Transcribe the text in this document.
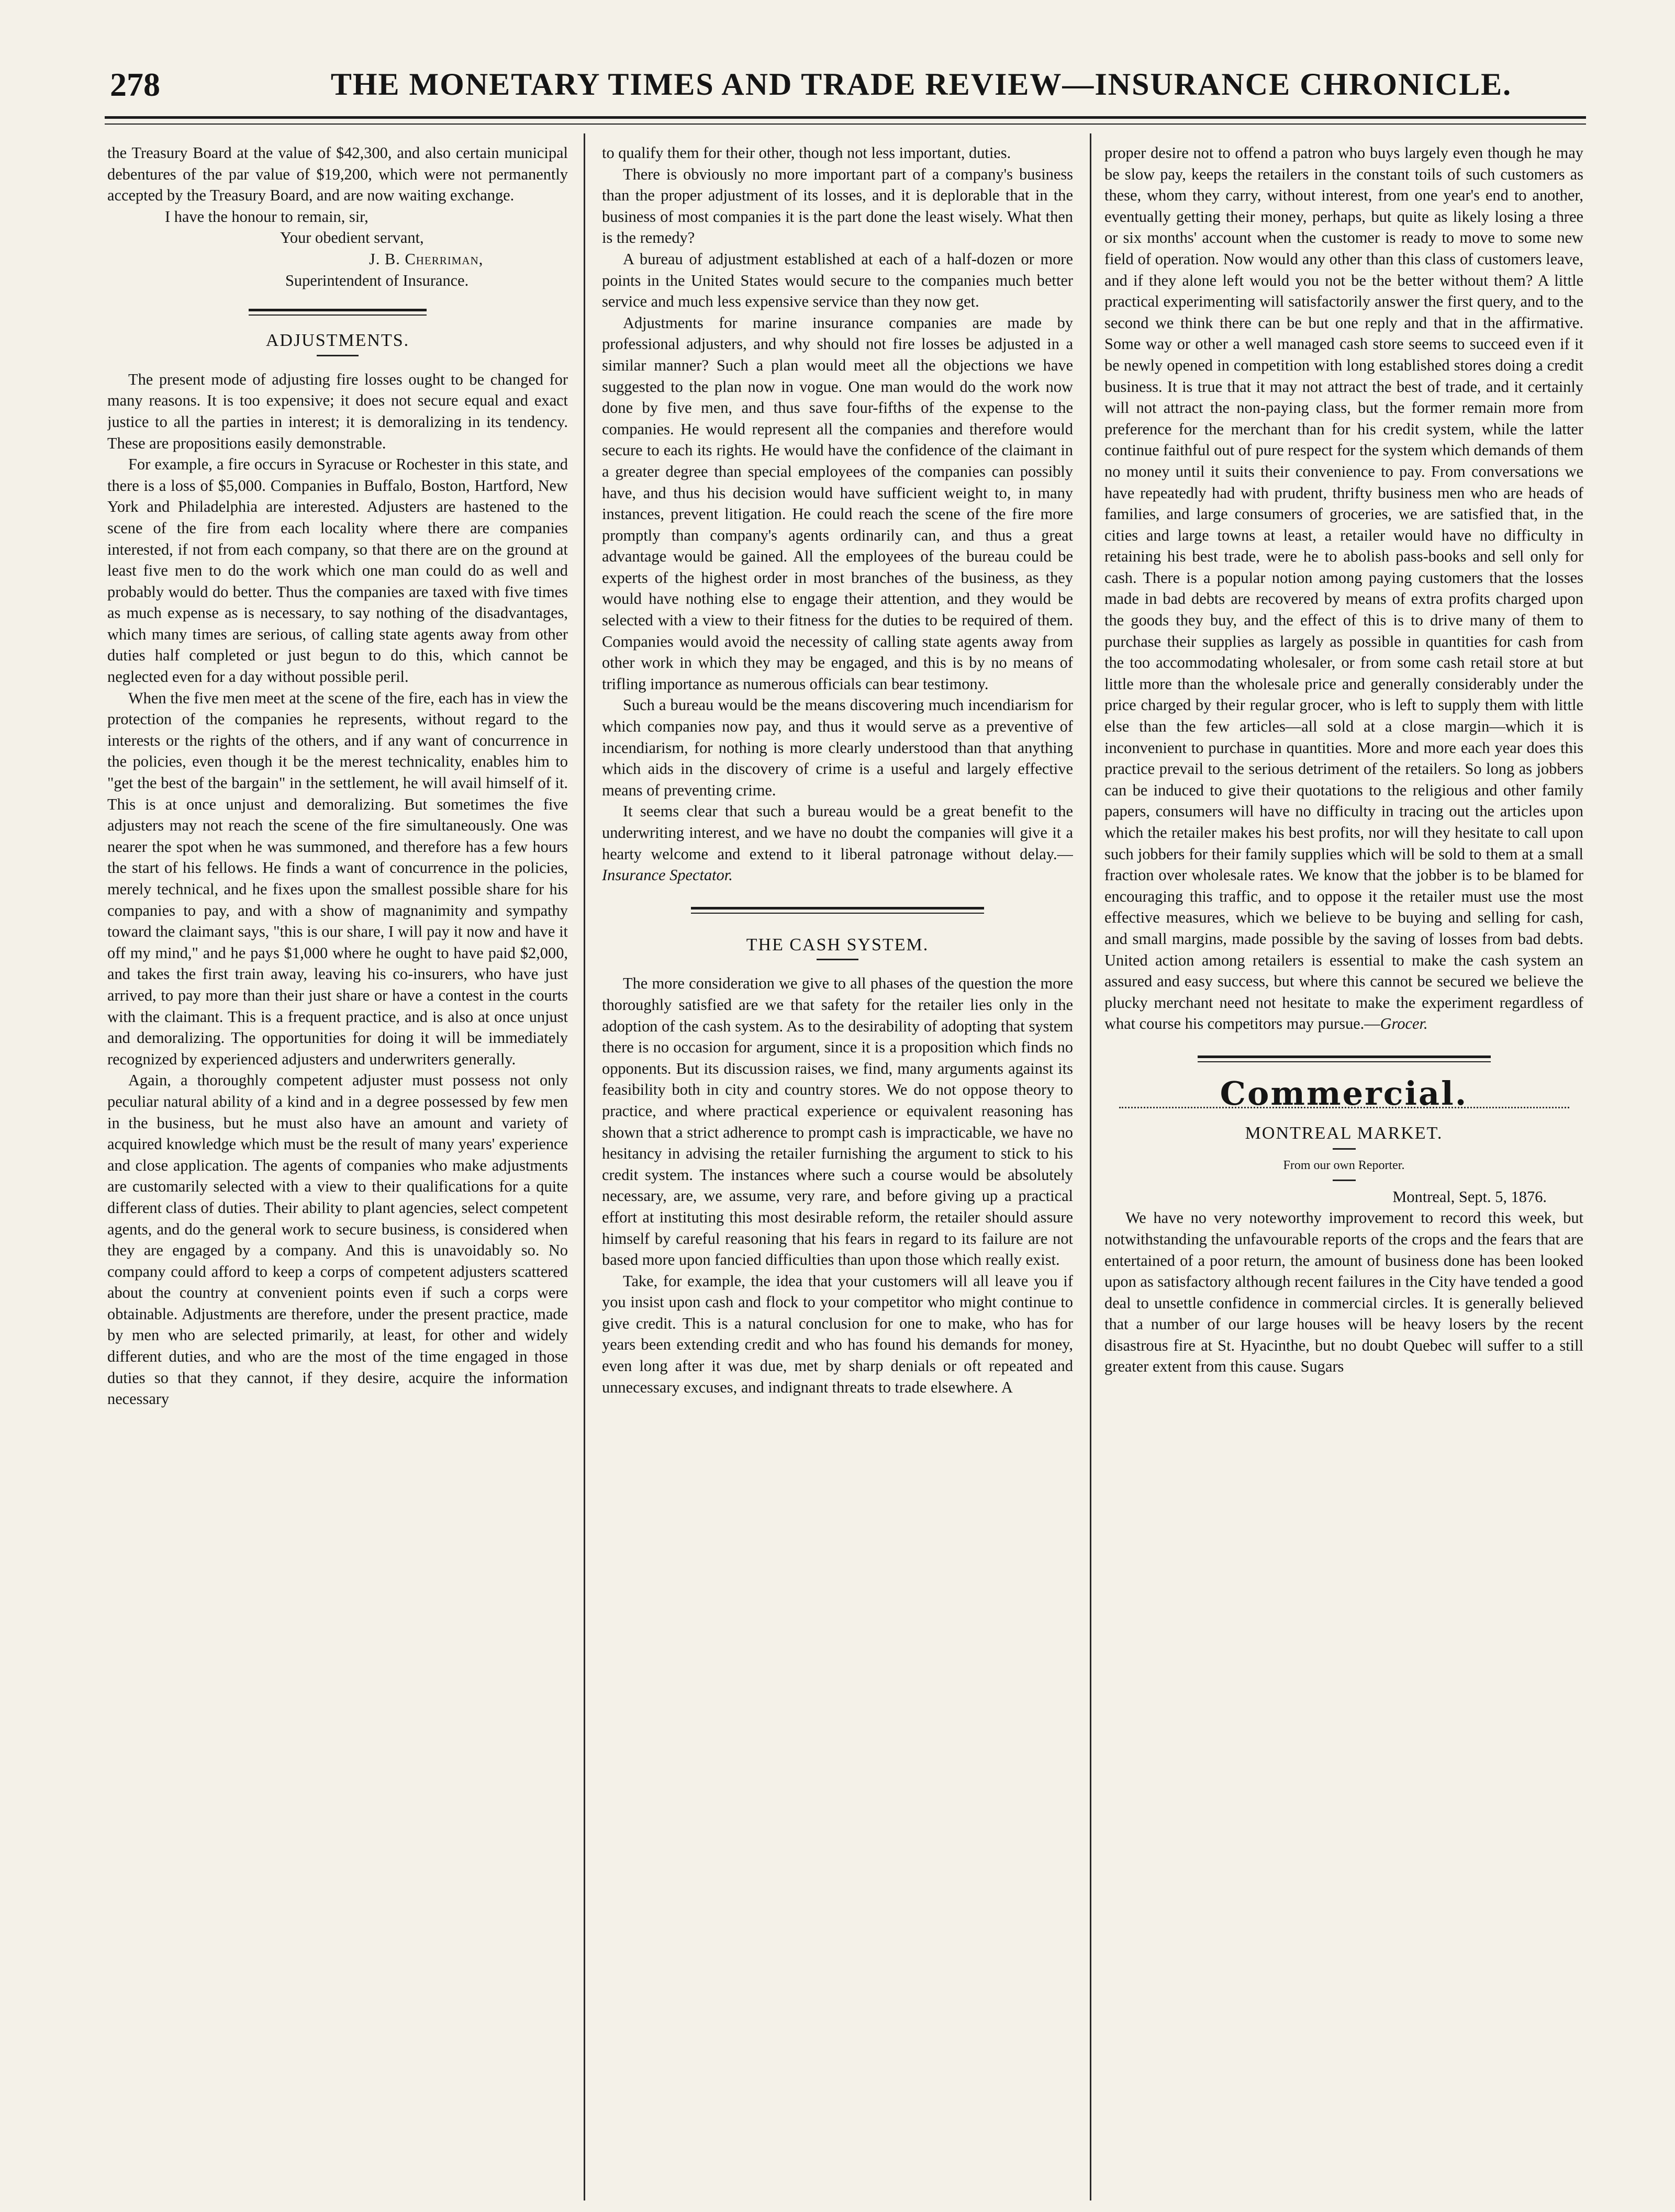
278	THE MONETARY TIMES AND TRADE REVIEW—INSURANCE CHRONICLE.

the Treasury Board at the value of $42,300, and also certain municipal debentures of the par value of $19,200, which were not permanently accepted by the Treasury Board, and are now waiting exchange.

I have the honour to remain, sir,

Your obedient servant,

J. B. Cherriman,

Superintendent of Insurance.

ADJUSTMENTS.

The present mode of adjusting fire losses ought to be changed for many reasons. It is too expensive; it does not secure equal and exact justice to all the parties in interest; it is demoralizing in its tendency. These are propositions easily demonstrable.

For example, a fire occurs in Syracuse or Rochester in this state, and there is a loss of $5,000. Companies in Buffalo, Boston, Hartford, New York and Philadelphia are interested. Adjusters are hastened to the scene of the fire from each locality where there are companies interested, if not from each company, so that there are on the ground at least five men to do the work which one man could do as well and probably would do better. Thus the companies are taxed with five times as much expense as is necessary, to say nothing of the disadvantages, which many times are serious, of calling state agents away from other duties half completed or just begun to do this, which cannot be neglected even for a day without possible peril.

When the five men meet at the scene of the fire, each has in view the protection of the companies he represents, without regard to the interests or the rights of the others, and if any want of concurrence in the policies, even though it be the merest technicality, enables him to "get the best of the bargain" in the settlement, he will avail himself of it. This is at once unjust and demoralizing. But sometimes the five adjusters may not reach the scene of the fire simultaneously. One was nearer the spot when he was summoned, and therefore has a few hours the start of his fellows. He finds a want of concurrence in the policies, merely technical, and he fixes upon the smallest possible share for his companies to pay, and with a show of magnanimity and sympathy toward the claimant says, "this is our share, I will pay it now and have it off my mind," and he pays $1,000 where he ought to have paid $2,000, and takes the first train away, leaving his co-insurers, who have just arrived, to pay more than their just share or have a contest in the courts with the claimant. This is a frequent practice, and is also at once unjust and demoralizing. The opportunities for doing it will be immediately recognized by experienced adjusters and underwriters generally.

Again, a thoroughly competent adjuster must possess not only peculiar natural ability of a kind and in a degree possessed by few men in the business, but he must also have an amount and variety of acquired knowledge which must be the result of many years' experience and close application. The agents of companies who make adjustments are customarily selected with a view to their qualifications for a quite different class of duties. Their ability to plant agencies, select competent agents, and do the general work to secure business, is considered when they are engaged by a company. And this is unavoidably so. No company could afford to keep a corps of competent adjusters scattered about the country at convenient points even if such a corps were obtainable. Adjustments are therefore, under the present practice, made by men who are selected primarily, at least, for other and widely different duties, and who are the most of the time engaged in those duties so that they cannot, if they desire, acquire the information necessary

to qualify them for their other, though not less important, duties.

There is obviously no more important part of a company's business than the proper adjustment of its losses, and it is deplorable that in the business of most companies it is the part done the least wisely. What then is the remedy?

A bureau of adjustment established at each of a half-dozen or more points in the United States would secure to the companies much better service and much less expensive service than they now get.

Adjustments for marine insurance companies are made by professional adjusters, and why should not fire losses be adjusted in a similar manner? Such a plan would meet all the objections we have suggested to the plan now in vogue. One man would do the work now done by five men, and thus save four-fifths of the expense to the companies. He would represent all the companies and therefore would secure to each its rights. He would have the confidence of the claimant in a greater degree than special employees of the companies can possibly have, and thus his decision would have sufficient weight to, in many instances, prevent litigation. He could reach the scene of the fire more promptly than company's agents ordinarily can, and thus a great advantage would be gained. All the employees of the bureau could be experts of the highest order in most branches of the business, as they would have nothing else to engage their attention, and they would be selected with a view to their fitness for the duties to be required of them. Companies would avoid the necessity of calling state agents away from other work in which they may be engaged, and this is by no means of trifling importance as numerous officials can bear testimony.

Such a bureau would be the means discovering much incendiarism for which companies now pay, and thus it would serve as a preventive of incendiarism, for nothing is more clearly understood than that anything which aids in the discovery of crime is a useful and largely effective means of preventing crime.

It seems clear that such a bureau would be a great benefit to the underwriting interest, and we have no doubt the companies will give it a hearty welcome and extend to it liberal patronage without delay.—Insurance Spectator.

THE CASH SYSTEM.

The more consideration we give to all phases of the question the more thoroughly satisfied are we that safety for the retailer lies only in the adoption of the cash system. As to the desirability of adopting that system there is no occasion for argument, since it is a proposition which finds no opponents. But its discussion raises, we find, many arguments against its feasibility both in city and country stores. We do not oppose theory to practice, and where practical experience or equivalent reasoning has shown that a strict adherence to prompt cash is impracticable, we have no hesitancy in advising the retailer furnishing the argument to stick to his credit system. The instances where such a course would be absolutely necessary, are, we assume, very rare, and before giving up a practical effort at instituting this most desirable reform, the retailer should assure himself by careful reasoning that his fears in regard to its failure are not based more upon fancied difficulties than upon those which really exist.

Take, for example, the idea that your customers will all leave you if you insist upon cash and flock to your competitor who might continue to give credit. This is a natural conclusion for one to make, who has for years been extending credit and who has found his demands for money, even long after it was due, met by sharp denials or oft repeated and unnecessary excuses, and indignant threats to trade elsewhere. A

proper desire not to offend a patron who buys largely even though he may be slow pay, keeps the retailers in the constant toils of such customers as these, whom they carry, without interest, from one year's end to another, eventually getting their money, perhaps, but quite as likely losing a three or six months' account when the customer is ready to move to some new field of operation. Now would any other than this class of customers leave, and if they alone left would you not be the better without them? A little practical experimenting will satisfactorily answer the first query, and to the second we think there can be but one reply and that in the affirmative. Some way or other a well managed cash store seems to succeed even if it be newly opened in competition with long established stores doing a credit business. It is true that it may not attract the best of trade, and it certainly will not attract the non-paying class, but the former remain more from preference for the merchant than for his credit system, while the latter continue faithful out of pure respect for the system which demands of them no money until it suits their convenience to pay. From conversations we have repeatedly had with prudent, thrifty business men who are heads of families, and large consumers of groceries, we are satisfied that, in the cities and large towns at least, a retailer would have no difficulty in retaining his best trade, were he to abolish pass-books and sell only for cash. There is a popular notion among paying customers that the losses made in bad debts are recovered by means of extra profits charged upon the goods they buy, and the effect of this is to drive many of them to purchase their supplies as largely as possible in quantities for cash from the too accommodating wholesaler, or from some cash retail store at but little more than the wholesale price and generally considerably under the price charged by their regular grocer, who is left to supply them with little else than the few articles—all sold at a close margin—which it is inconvenient to purchase in quantities. More and more each year does this practice prevail to the serious detriment of the retailers. So long as jobbers can be induced to give their quotations to the religious and other family papers, consumers will have no difficulty in tracing out the articles upon which the retailer makes his best profits, nor will they hesitate to call upon such jobbers for their family supplies which will be sold to them at a small fraction over wholesale rates. We know that the jobber is to be blamed for encouraging this traffic, and to oppose it the retailer must use the most effective measures, which we believe to be buying and selling for cash, and small margins, made possible by the saving of losses from bad debts. United action among retailers is essential to make the cash system an assured and easy success, but where this cannot be secured we believe the plucky merchant need not hesitate to make the experiment regardless of what course his competitors may pursue.—Grocer.

Commercial.
MONTREAL MARKET.
From our own Reporter.

Montreal, Sept. 5, 1876.

We have no very noteworthy improvement to record this week, but notwithstanding the unfavourable reports of the crops and the fears that are entertained of a poor return, the amount of business done has been looked upon as satisfactory although recent failures in the City have tended a good deal to unsettle confidence in commercial circles. It is generally believed that a number of our large houses will be heavy losers by the recent disastrous fire at St. Hyacinthe, but no doubt Quebec will suffer to a still greater extent from this cause. Sugars
